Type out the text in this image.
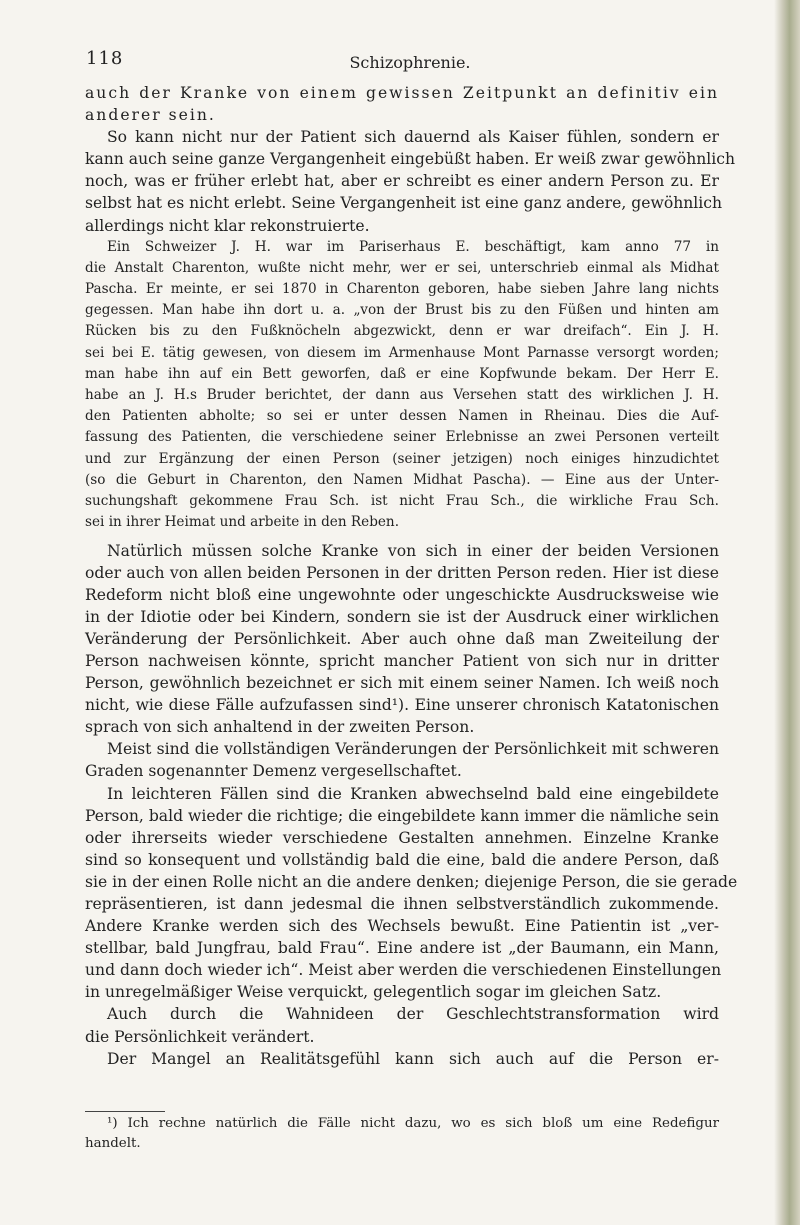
118	Schizophrenie.
auch der Kranke von einem gewissen Zeitpunkt an definitiv ein
anderer sein.
So kann nicht nur der Patient sich dauernd als Kaiser fühlen, sondern er
kann auch seine ganze Vergangenheit eingebüßt haben. Er weiß zwar gewöhnlich
noch, was er früher erlebt hat, aber er schreibt es einer andern Person zu. Er
selbst hat es nicht erlebt. Seine Vergangenheit ist eine ganz andere, gewöhnlich
allerdings nicht klar rekonstruierte.
Ein Schweizer J. H. war im Pariserhaus E. beschäftigt, kam anno 77 in
die Anstalt Charenton, wußte nicht mehr, wer er sei, unterschrieb einmal als Midhat
Pascha. Er meinte, er sei 1870 in Charenton geboren, habe sieben Jahre lang nichts
gegessen. Man habe ihn dort u. a. „von der Brust bis zu den Füßen und hinten am
Rücken bis zu den Fußknöcheln abgezwickt, denn er war dreifach“. Ein J. H.
sei bei E. tätig gewesen, von diesem im Armenhause Mont Parnasse versorgt worden;
man habe ihn auf ein Bett geworfen, daß er eine Kopfwunde bekam. Der Herr E.
habe an J. H.s Bruder berichtet, der dann aus Versehen statt des wirklichen J. H.
den Patienten abholte; so sei er unter dessen Namen in Rheinau. Dies die Auf-
fassung des Patienten, die verschiedene seiner Erlebnisse an zwei Personen verteilt
und zur Ergänzung der einen Person (seiner jetzigen) noch einiges hinzudichtet
(so die Geburt in Charenton, den Namen Midhat Pascha). — Eine aus der Unter-
suchungshaft gekommene Frau Sch. ist nicht Frau Sch., die wirkliche Frau Sch.
sei in ihrer Heimat und arbeite in den Reben.
Natürlich müssen solche Kranke von sich in einer der beiden Versionen
oder auch von allen beiden Personen in der dritten Person reden. Hier ist diese
Redeform nicht bloß eine ungewohnte oder ungeschickte Ausdrucksweise wie
in der Idiotie oder bei Kindern, sondern sie ist der Ausdruck einer wirklichen
Veränderung der Persönlichkeit. Aber auch ohne daß man Zweiteilung der
Person nachweisen könnte, spricht mancher Patient von sich nur in dritter
Person, gewöhnlich bezeichnet er sich mit einem seiner Namen. Ich weiß noch
nicht, wie diese Fälle aufzufassen sind¹). Eine unserer chronisch Katatonischen
sprach von sich anhaltend in der zweiten Person.
Meist sind die vollständigen Veränderungen der Persönlichkeit mit schweren
Graden sogenannter Demenz vergesellschaftet.
In leichteren Fällen sind die Kranken abwechselnd bald eine eingebildete
Person, bald wieder die richtige; die eingebildete kann immer die nämliche sein
oder ihrerseits wieder verschiedene Gestalten annehmen. Einzelne Kranke
sind so konsequent und vollständig bald die eine, bald die andere Person, daß
sie in der einen Rolle nicht an die andere denken; diejenige Person, die sie gerade
repräsentieren, ist dann jedesmal die ihnen selbstverständlich zukommende.
Andere Kranke werden sich des Wechsels bewußt. Eine Patientin ist „ver-
stellbar, bald Jungfrau, bald Frau“. Eine andere ist „der Baumann, ein Mann,
und dann doch wieder ich“. Meist aber werden die verschiedenen Einstellungen
in unregelmäßiger Weise verquickt, gelegentlich sogar im gleichen Satz.
Auch durch die Wahnideen der Geschlechtstransformation wird
die Persönlichkeit verändert.
Der Mangel an Realitätsgefühl kann sich auch auf die Person er-
¹) Ich rechne natürlich die Fälle nicht dazu, wo es sich bloß um eine Redefigur
handelt.
